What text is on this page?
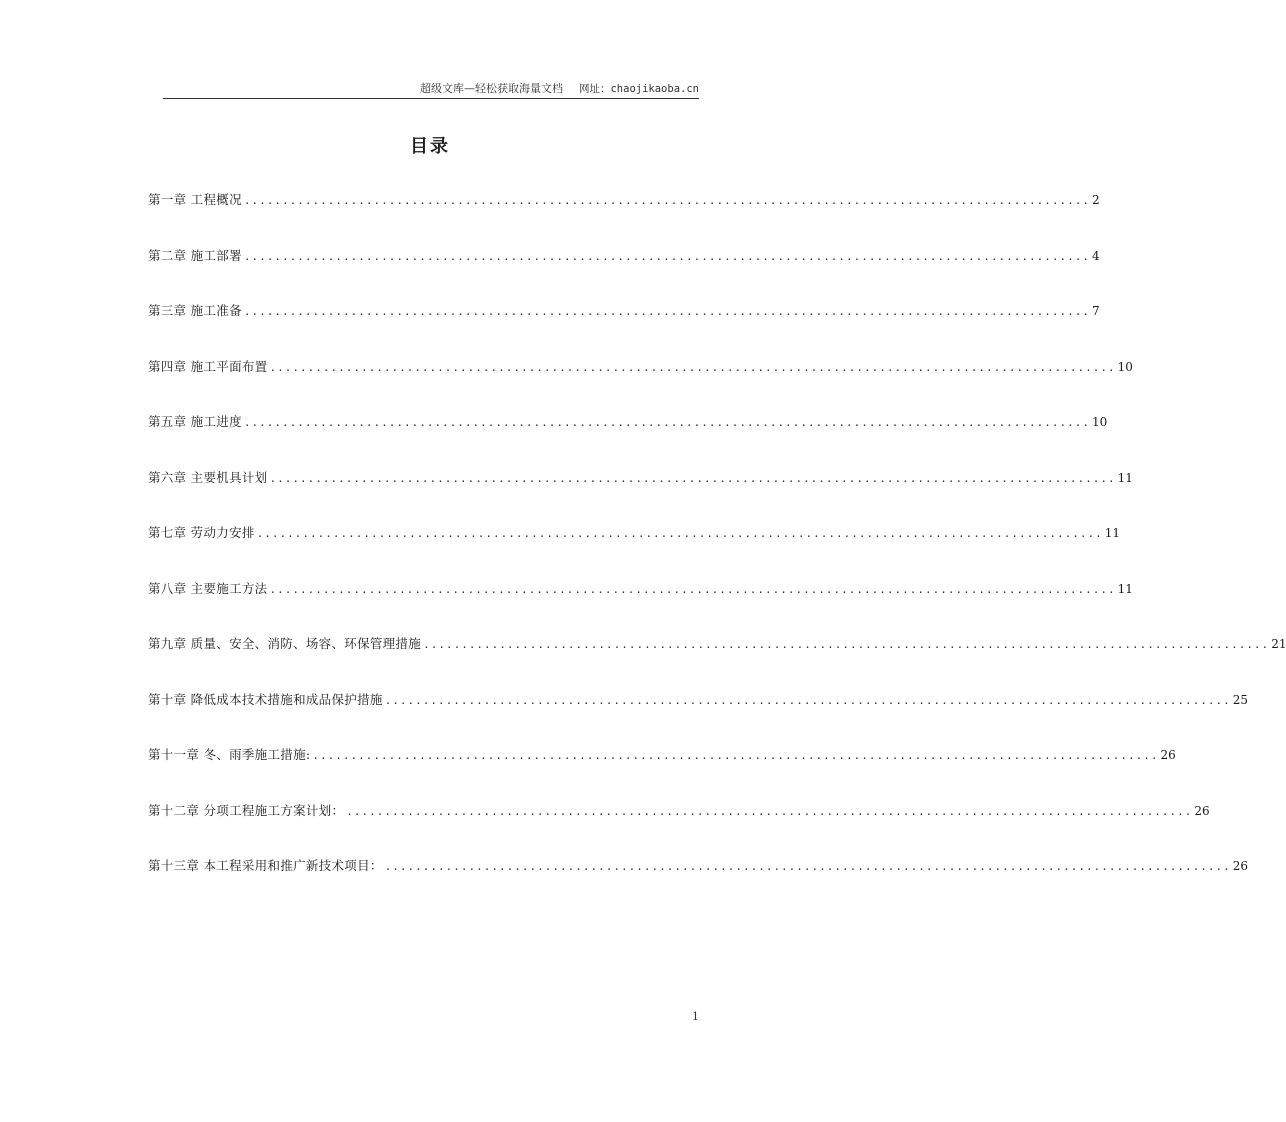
超级文库—轻松获取海量文档 网址：chaojikaoba.cn
目录
第一章 工程概况 ............................................................................................................... 2
第二章 施工部署 ............................................................................................................... 4
第三章 施工准备 ............................................................................................................... 7
第四章 施工平面布置 ............................................................................................................... 10
第五章 施工进度 ............................................................................................................... 10
第六章 主要机具计划 ............................................................................................................... 11
第七章 劳动力安排 ............................................................................................................... 11
第八章 主要施工方法 ............................................................................................................... 11
第九章 质量、安全、消防、场容、环保管理措施 ............................................................................................................... 21
第十章 降低成本技术措施和成品保护措施 ............................................................................................................... 25
第十一章 冬、雨季施工措施: ............................................................................................................... 26
第十二章 分项工程施工方案计划： ............................................................................................................... 26
第十三章 本工程采用和推广新技术项目： ............................................................................................................... 26
1
